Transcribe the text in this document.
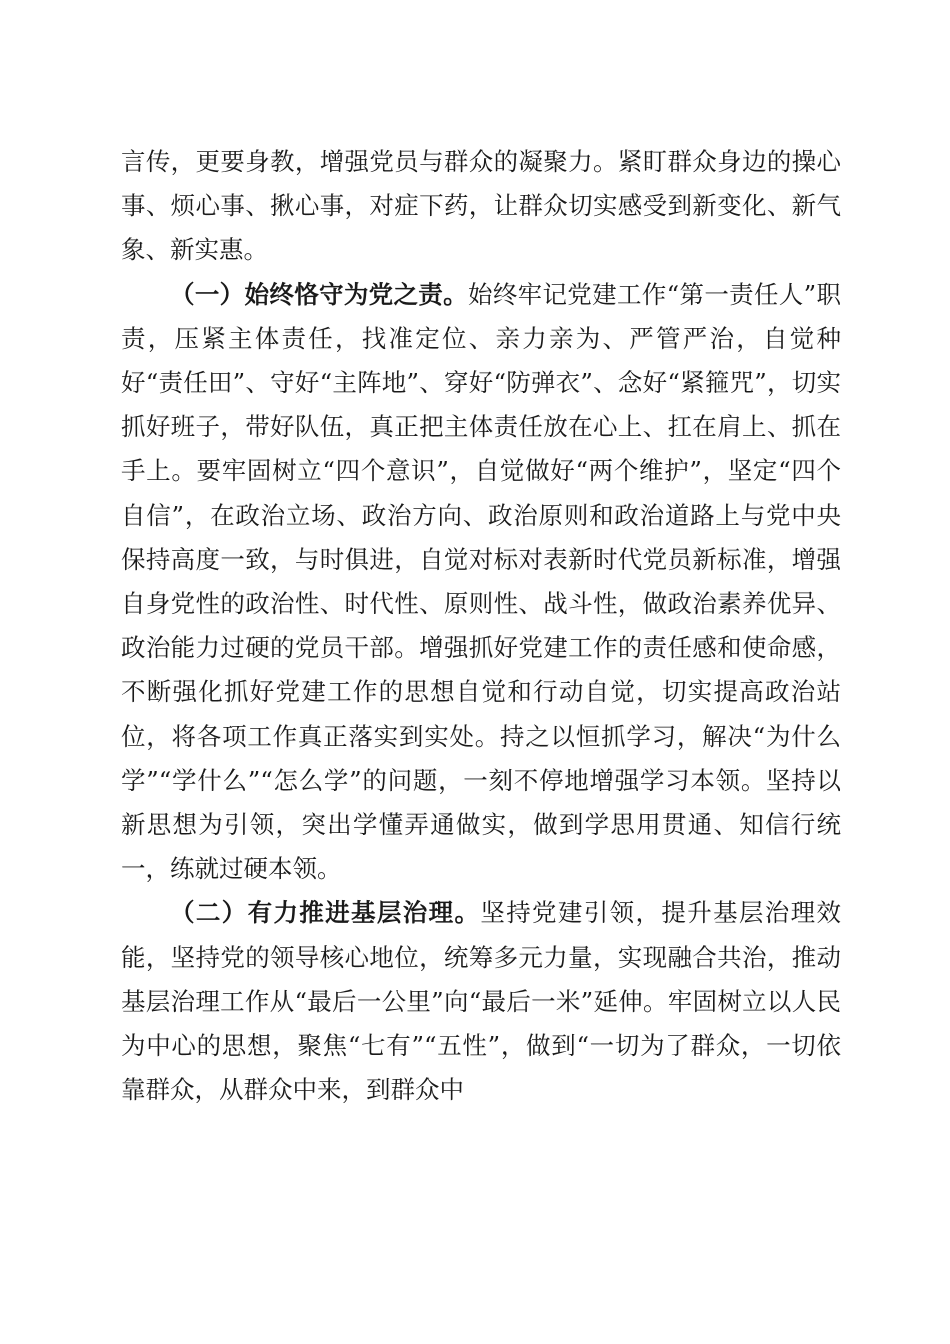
言传，更要身教，增强党员与群众的凝聚力。紧盯群众身边的操心事、烦心事、揪心事，对症下药，让群众切实感受到新变化、新气象、新实惠。

（一）始终恪守为党之责。始终牢记党建工作“第一责任人”职责，压紧主体责任，找准定位、亲力亲为、严管严治，自觉种好“责任田”、守好“主阵地”、穿好“防弹衣”、念好“紧箍咒”，切实抓好班子，带好队伍，真正把主体责任放在心上、扛在肩上、抓在手上。要牢固树立“四个意识”，自觉做好“两个维护”，坚定“四个自信”，在政治立场、政治方向、政治原则和政治道路上与党中央保持高度一致，与时俱进，自觉对标对表新时代党员新标准，增强自身党性的政治性、时代性、原则性、战斗性，做政治素养优异、政治能力过硬的党员干部。增强抓好党建工作的责任感和使命感，不断强化抓好党建工作的思想自觉和行动自觉，切实提高政治站位，将各项工作真正落实到实处。持之以恒抓学习，解决“为什么学”“学什么”“怎么学”的问题，一刻不停地增强学习本领。坚持以新思想为引领，突出学懂弄通做实，做到学思用贯通、知信行统一，练就过硬本领。

（二）有力推进基层治理。坚持党建引领，提升基层治理效能，坚持党的领导核心地位，统筹多元力量，实现融合共治，推动基层治理工作从“最后一公里”向“最后一米”延伸。牢固树立以人民为中心的思想，聚焦“七有”“五性”，做到“一切为了群众，一切依靠群众，从群众中来，到群众中
